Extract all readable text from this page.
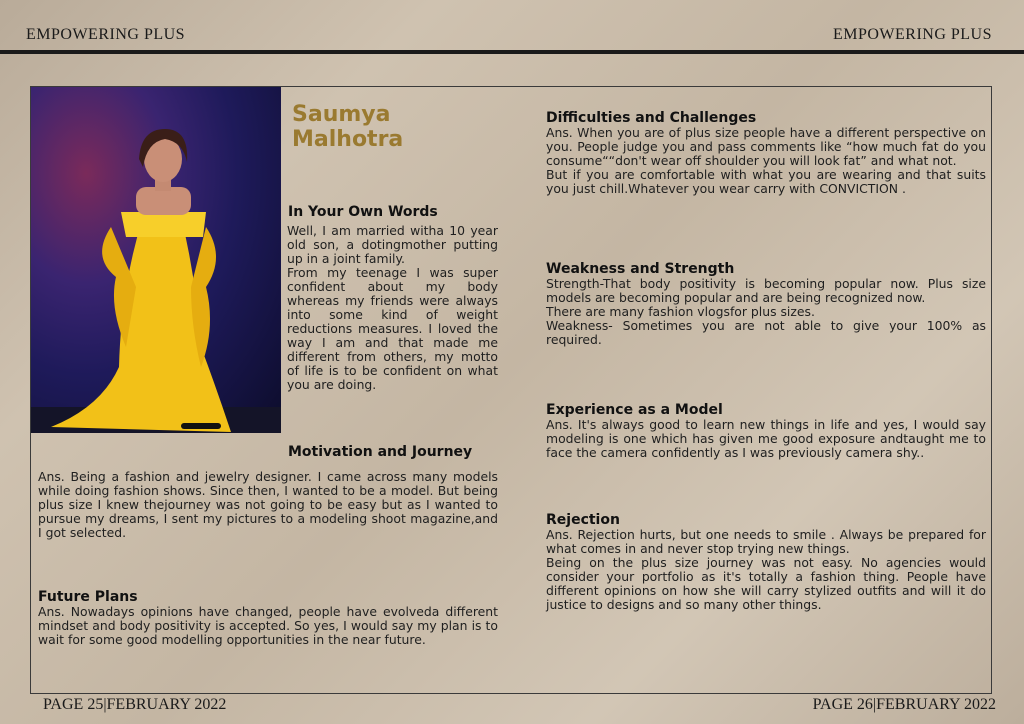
EMPOWERING PLUS	EMPOWERING PLUS
Saumya
Malhotra
In Your Own Words
Well, I am married witha 10 year old son, a dotingmother putting up in a joint family.
From my teenage I was super confident about my body whereas my friends were always into some kind of weight reductions measures. I loved the way I am and that made me different from others, my motto of life is to be confident on what you are doing.
Motivation and Journey
Ans. Being a fashion and jewelry designer. I came across many models while doing fashion shows. Since then, I wanted to be a model. But being plus size I knew thejourney was not going to be easy but as I wanted to pursue my dreams, I sent my pictures to a modeling shoot magazine,and I got selected.
Future Plans
Ans. Nowadays opinions have changed, people have evolveda different mindset and body positivity is accepted. So yes, I would say my plan is to wait for some good modelling opportunities in the near future.
Difficulties and Challenges
Ans. When you are of plus size people have a different perspective on you. People judge you and pass comments like “how much fat do you consume““don't wear off shoulder you will look fat” and what not.
But if you are comfortable with what you are wearing and that suits you just chill.Whatever you wear carry with CONVICTION .
Weakness and Strength
Strength-That body positivity is becoming popular now. Plus size models are becoming popular and are being recognized now.
There are many fashion vlogsfor plus sizes.
Weakness- Sometimes you are not able to give your 100% as required.
Experience as a Model
Ans. It's always good to learn new things in life and yes, I would say modeling is one which has given me good exposure andtaught me to face the camera confidently as I was previously camera shy..
Rejection
Ans. Rejection hurts, but one needs to smile . Always be prepared for what comes in and never stop trying new things.
Being on the plus size journey was not easy. No agencies would consider your portfolio as it's totally a fashion thing. People have different opinions on how she will carry stylized outfits and will it do justice to designs and so many other things.
PAGE 25|FEBRUARY 2022	PAGE 26|FEBRUARY 2022
